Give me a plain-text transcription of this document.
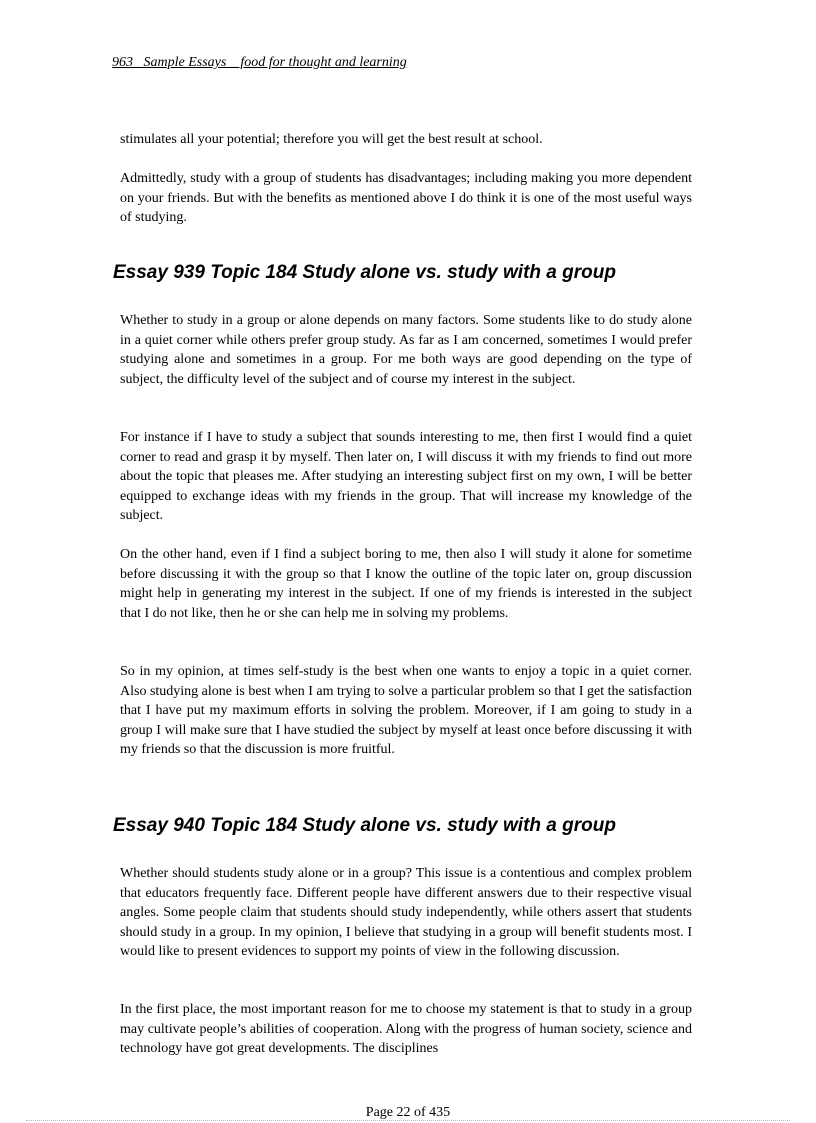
963_ Sample Essays _ food for thought and learning

stimulates all your potential; therefore you will get the best result at school.

Admittedly, study with a group of students has disadvantages; including making you more dependent on your friends. But with the benefits as mentioned above I do think it is one of the most useful ways of studying.

Essay 939 Topic 184 Study alone vs. study with a group

Whether to study in a group or alone depends on many factors. Some students like to do study alone in a quiet corner while others prefer group study. As far as I am concerned, sometimes I would prefer studying alone and sometimes in a group. For me both ways are good depending on the type of subject, the difficulty level of the subject and of course my interest in the subject.

For instance if I have to study a subject that sounds interesting to me, then first I would find a quiet corner to read and grasp it by myself. Then later on, I will discuss it with my friends to find out more about the topic that pleases me. After studying an interesting subject first on my own, I will be better equipped to exchange ideas with my friends in the group. That will increase my knowledge of the subject.

On the other hand, even if I find a subject boring to me, then also I will study it alone for sometime before discussing it with the group so that I know the outline of the topic later on, group discussion might help in generating my interest in the subject. If one of my friends is interested in the subject that I do not like, then he or she can help me in solving my problems.

So in my opinion, at times self-study is the best when one wants to enjoy a topic in a quiet corner. Also studying alone is best when I am trying to solve a particular problem so that I get the satisfaction that I have put my maximum efforts in solving the problem. Moreover, if I am going to study in a group I will make sure that I have studied the subject by myself at least once before discussing it with my friends so that the discussion is more fruitful.

Essay 940 Topic 184 Study alone vs. study with a group

Whether should students study alone or in a group? This issue is a contentious and complex problem that educators frequently face. Different people have different answers due to their respective visual angles. Some people claim that students should study independently, while others assert that students should study in a group. In my opinion, I believe that studying in a group will benefit students most. I would like to present evidences to support my points of view in the following discussion.

In the first place, the most important reason for me to choose my statement is that to study in a group may cultivate people’s abilities of cooperation. Along with the progress of human society, science and technology have got great developments. The disciplines

Page 22 of 435
